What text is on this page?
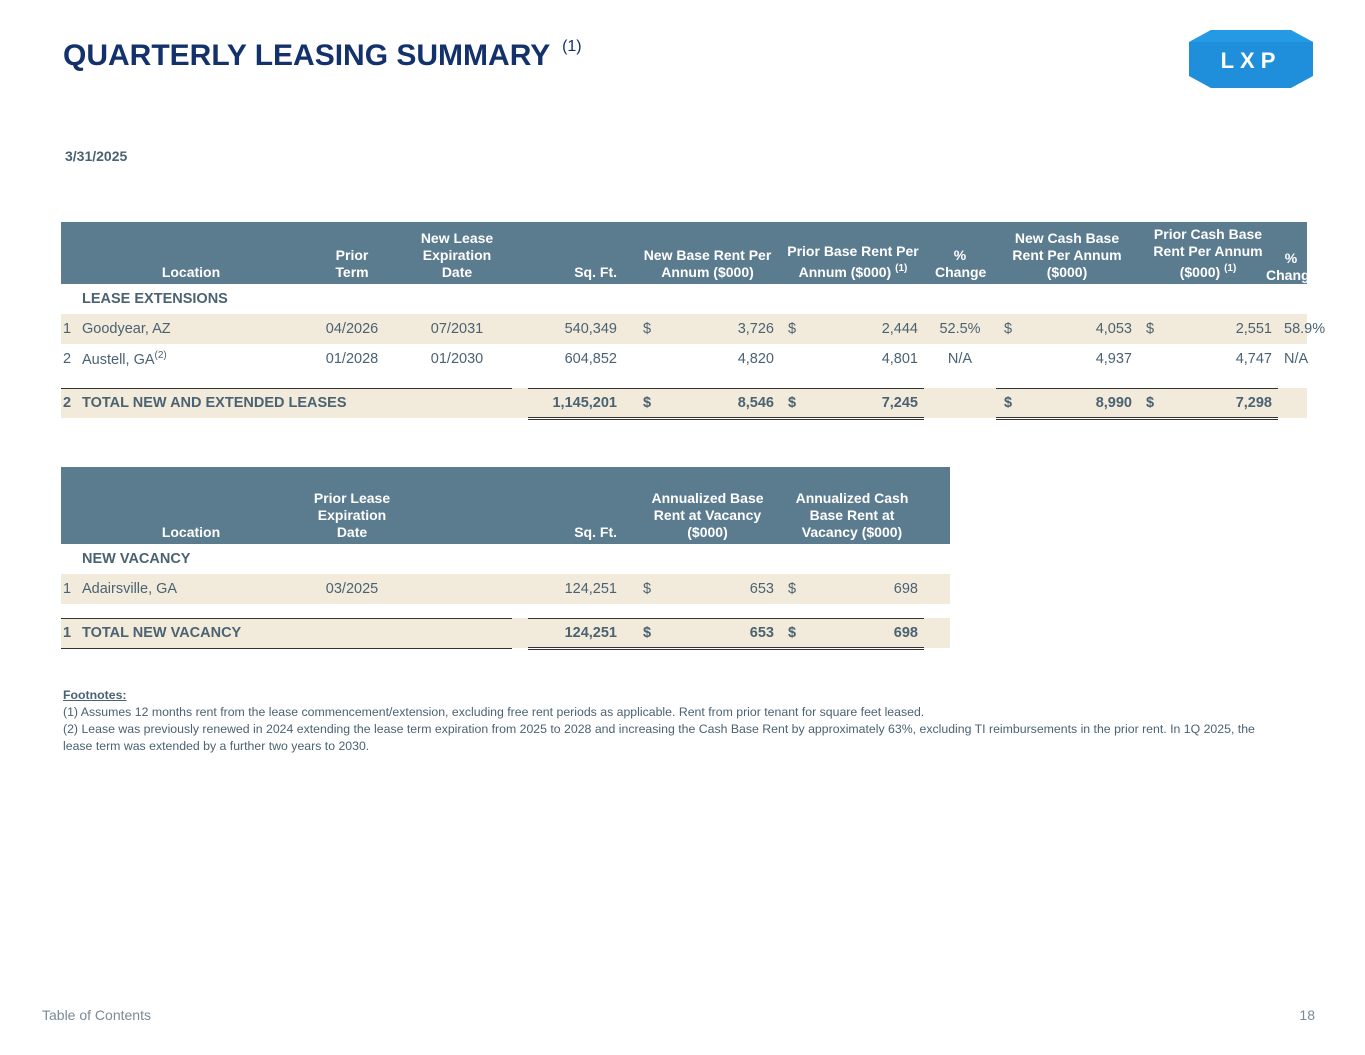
QUARTERLY LEASING SUMMARY $^{(1)}$
LXP
3/31/2025
	Location	Prior Term	New Lease Expiration Date		Sq. Ft.		New Base Rent Per Annum ($000)		Prior Base Rent Per Annum ($000) $^{(1)}$		% Change	New Cash Base Rent Per Annum ($000)		Prior Cash Base Rent Per Annum ($000) $^{(1)}$		% Change

	LEASE EXTENSIONS															
1	Goodyear, AZ	04/2026	07/2031		540,349		$	3,726	$	2,444	52.5%	$	4,053	$	2,551	58.9%
2	Austell, GA$^{(2)}$	01/2028	01/2030		604,852			4,820		4,801	N/A		4,937		4,747	N/A

2	TOTAL NEW AND EXTENDED LEASES				1,145,201		$	8,546	$	7,245		$	8,990	$	7,298	
	Location	Prior Lease Expiration Date			Sq. Ft.		Annualized Base Rent at Vacancy ($000)		Annualized Cash Base Rent at Vacancy ($000)		

	NEW VACANCY										
1	Adairsville, GA	03/2025			124,251		$	653	$	698	

1	TOTAL NEW VACANCY				124,251		$	653	$	698	
Footnotes:
(1) Assumes 12 months rent from the lease commencement/extension, excluding free rent periods as applicable. Rent from prior tenant for square feet leased.
(2) Lease was previously renewed in 2024 extending the lease term expiration from 2025 to 2028 and increasing the Cash Base Rent by approximately 63%, excluding TI reimbursements in the prior rent. In 1Q 2025, the lease term was extended by a further two years to 2030.
Table of Contents	18
